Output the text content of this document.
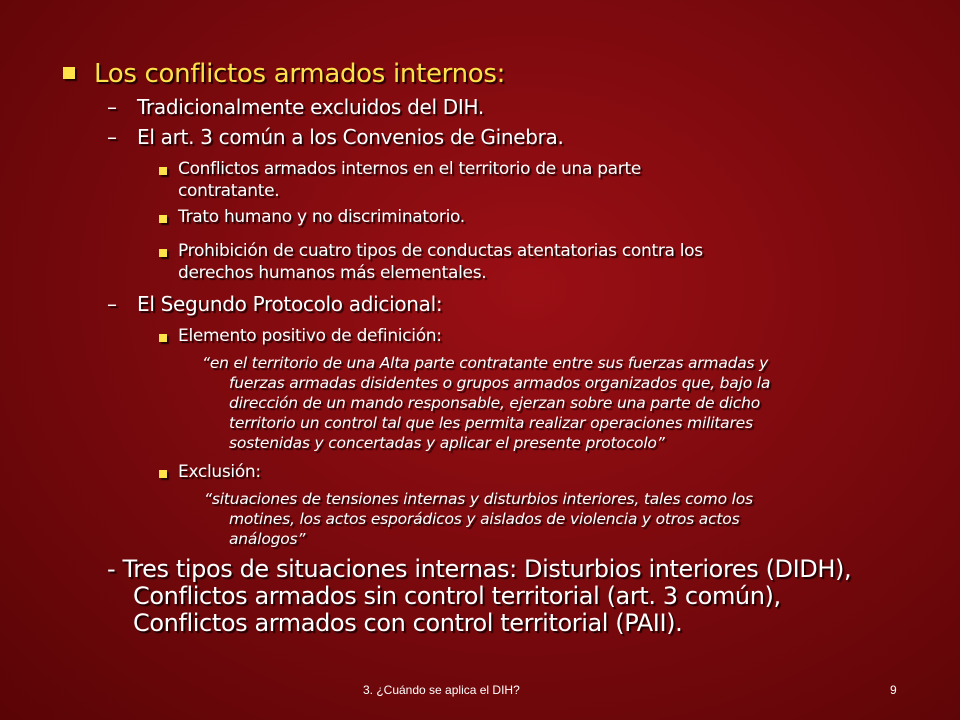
Los conflictos armados internos:
– Tradicionalmente excluidos del DIH.
– El art. 3 común a los Convenios de Ginebra.
Conflictos armados internos en el territorio de una parte
contratante.
Trato humano y no discriminatorio.
Prohibición de cuatro tipos de conductas atentatorias contra los
derechos humanos más elementales.
– El Segundo Protocolo adicional:
Elemento positivo de definición:
“en el territorio de una Alta parte contratante entre sus fuerzas armadas y
fuerzas armadas disidentes o grupos armados organizados que, bajo la
dirección de un mando responsable, ejerzan sobre una parte de dicho
territorio un control tal que les permita realizar operaciones militares
sostenidas y concertadas y aplicar el presente protocolo”
Exclusión:
“situaciones de tensiones internas y disturbios interiores, tales como los
motines, los actos esporádicos y aislados de violencia y otros actos
análogos”
- Tres tipos de situaciones internas: Disturbios interiores (DIDH),
Conflictos armados sin control territorial (art. 3 común),
Conflictos armados con control territorial (PAII).
3. ¿Cuándo se aplica el DIH?	9
